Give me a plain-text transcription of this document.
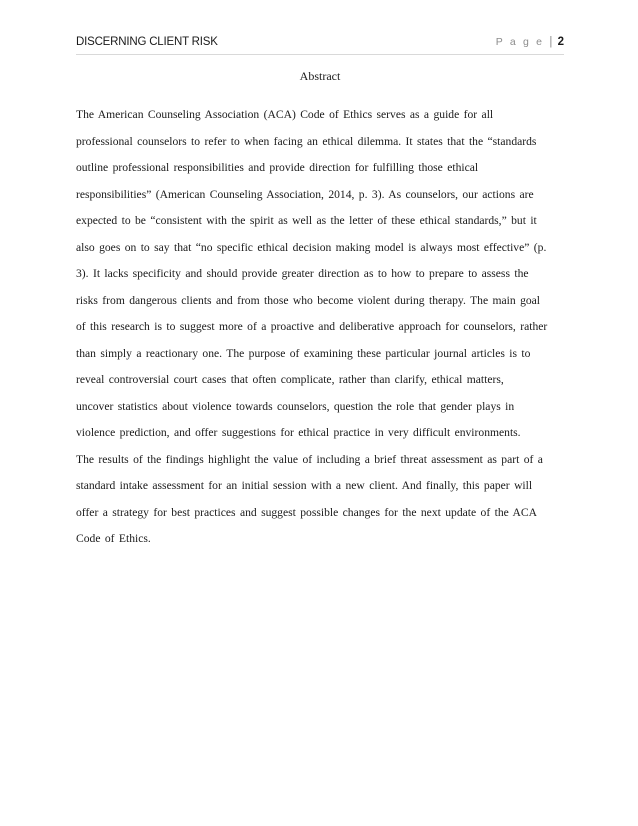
DISCERNING CLIENT RISK	P a g e | 2
Abstract
The American Counseling Association (ACA) Code of Ethics serves as a guide for all
professional counselors to refer to when facing an ethical dilemma. It states that the “standards
outline professional responsibilities and provide direction for fulfilling those ethical
responsibilities” (American Counseling Association, 2014, p. 3). As counselors, our actions are
expected to be “consistent with the spirit as well as the letter of these ethical standards,” but it
also goes on to say that “no specific ethical decision making model is always most effective” (p.
3). It lacks specificity and should provide greater direction as to how to prepare to assess the
risks from dangerous clients and from those who become violent during therapy. The main goal
of this research is to suggest more of a proactive and deliberative approach for counselors, rather
than simply a reactionary one. The purpose of examining these particular journal articles is to
reveal controversial court cases that often complicate, rather than clarify, ethical matters,
uncover statistics about violence towards counselors, question the role that gender plays in
violence prediction, and offer suggestions for ethical practice in very difficult environments.
The results of the findings highlight the value of including a brief threat assessment as part of a
standard intake assessment for an initial session with a new client. And finally, this paper will
offer a strategy for best practices and suggest possible changes for the next update of the ACA
Code of Ethics.
